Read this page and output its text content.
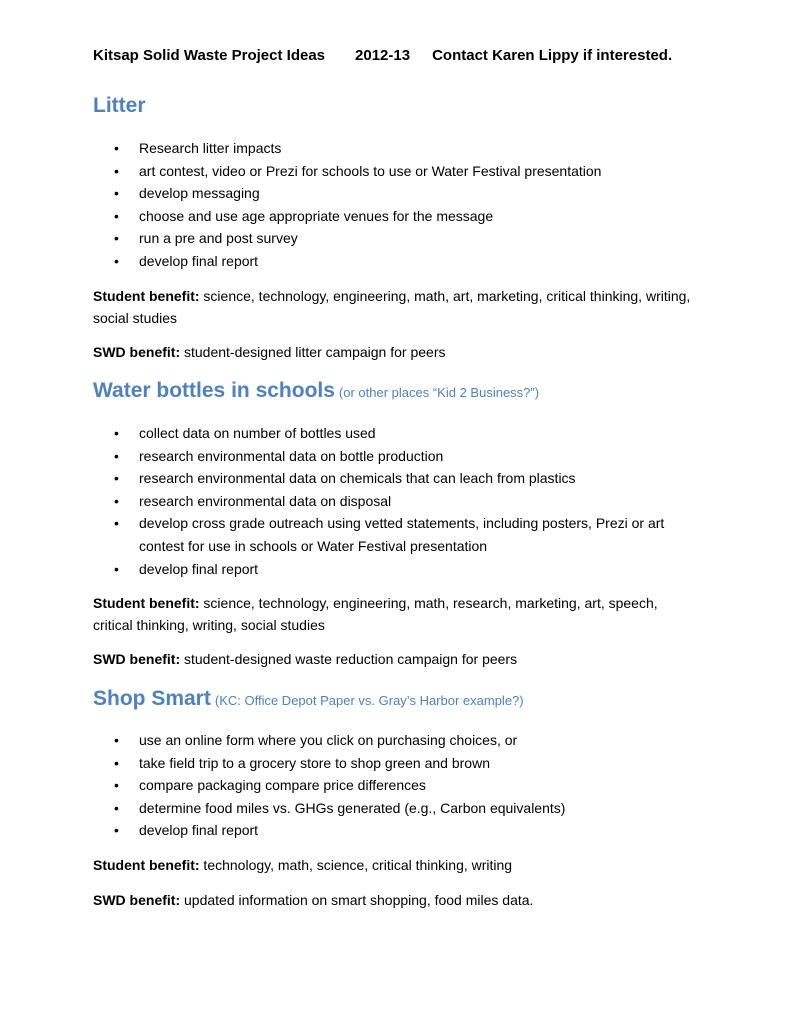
Kitsap Solid Waste Project Ideas 2012-13 Contact Karen Lippy if interested.
Litter
• Research litter impacts
• art contest, video or Prezi for schools to use or Water Festival presentation
• develop messaging
• choose and use age appropriate venues for the message
• run a pre and post survey
• develop final report
Student benefit: science, technology, engineering, math, art, marketing, critical thinking, writing, social studies
SWD benefit: student-designed litter campaign for peers
Water bottles in schools (or other places “Kid 2 Business?”)
• collect data on number of bottles used
• research environmental data on bottle production
• research environmental data on chemicals that can leach from plastics
• research environmental data on disposal
• develop cross grade outreach using vetted statements, including posters, Prezi or art contest for use in schools or Water Festival presentation
• develop final report
Student benefit: science, technology, engineering, math, research, marketing, art, speech, critical thinking, writing, social studies
SWD benefit: student-designed waste reduction campaign for peers
Shop Smart (KC: Office Depot Paper vs. Gray’s Harbor example?)
• use an online form where you click on purchasing choices, or
• take field trip to a grocery store to shop green and brown
• compare packaging compare price differences
• determine food miles vs. GHGs generated (e.g., Carbon equivalents)
• develop final report
Student benefit: technology, math, science, critical thinking, writing
SWD benefit: updated information on smart shopping, food miles data.
